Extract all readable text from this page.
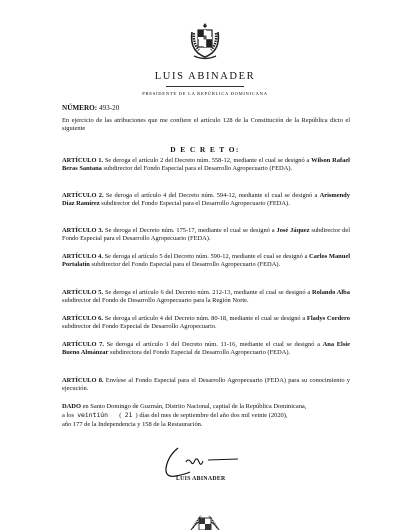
LUIS ABINADER
PRESIDENTE DE LA REPÚBLICA DOMINICANA
NÚMERO: 493-20
En ejercicio de las atribuciones que me confiere el artículo 128 de la Constitución de la República dicto el siguiente
D E C R E T O:
ARTÍCULO 1. Se deroga el artículo 2 del Decreto núm. 558-12, mediante el cual se designó a Wilson Rafael Beras Santana subdirector del Fondo Especial para el Desarrollo Agropecuario (FEDA).
ARTÍCULO 2. Se deroga el artículo 4 del Decreto núm. 594-12, mediante el cual se designó a Arismendy Díaz Ramírez subdirector del Fondo Especial para el Desarrollo Agropecuario (FEDA).
ARTÍCULO 3. Se deroga el Decreto núm. 175-17, mediante el cual se designó a José Jáquez subdirector del Fondo Especial para el Desarrollo Agropecuario (FEDA).
ARTÍCULO 4. Se deroga el artículo 5 del Decreto núm. 590-12, mediante el cual se designó a Carlos Manuel Portalatín subdirector del Fondo Especial para el Desarrollo Agropecuario (FEDA).
ARTÍCULO 5. Se deroga el artículo 6 del Decreto núm. 212-13, mediante el cual se designó a Rolando Alba subdirector del Fondo de Desarrollo Agropecuario para la Región Norte.
ARTÍCULO 6. Se deroga el artículo 4 del Decreto núm. 80-18, mediante el cual se designó a Fladys Cordero subdirector del Fondo Especial de Desarrollo Agropecuario.
ARTÍCULO 7. Se deroga el artículo 1 del Decreto núm. 11-16, mediante el cual se designó a Ana Elsie Bueno Almánzar subdirectora del Fondo Especial de Desarrollo Agropecuario (FEDA).
ARTÍCULO 8. Envíese al Fondo Especial para el Desarrollo Agropecuario (FEDA) para su conocimiento y ejecución.
DADO en Santo Domingo de Guzmán, Distrito Nacional, capital de la República Dominicana,
a los veintiún       (  21  ) días del mes de septiembre del año dos mil veinte (2020),
año 177 de la Independencia y 158 de la Restauración.
LUIS ABINADER
